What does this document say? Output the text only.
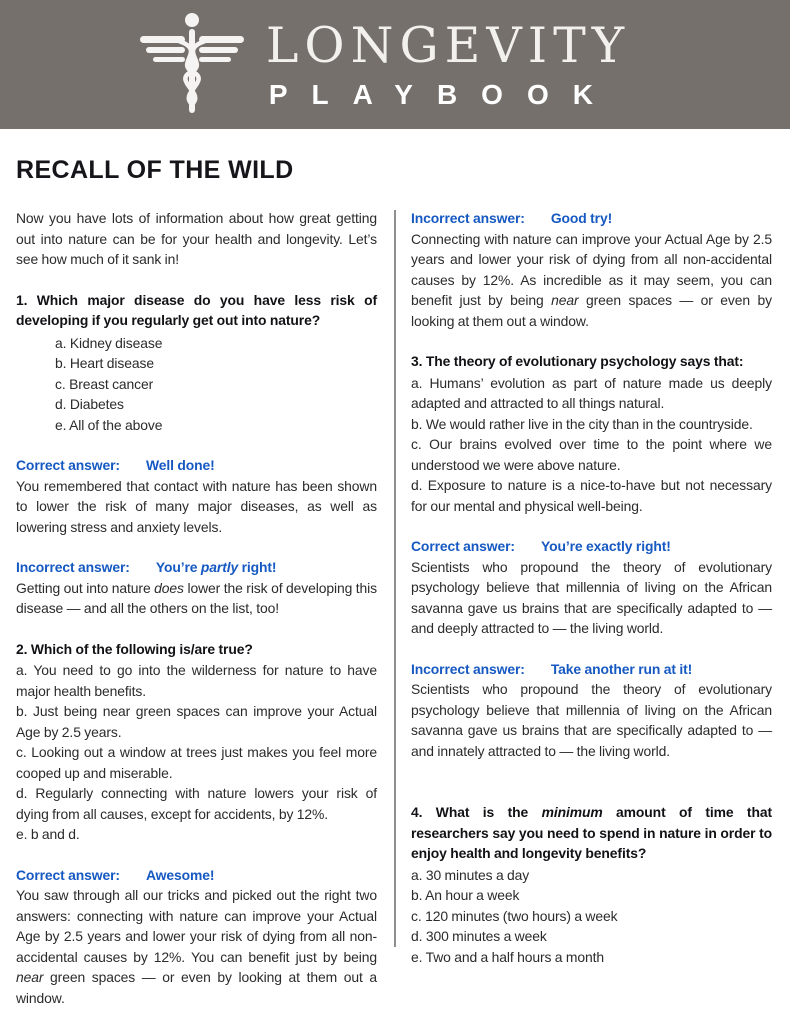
LONGEVITY
PLAYBOOK
RECALL OF THE WILD

Now you have lots of information about how great getting out into nature can be for your health and longevity. Let’s see how much of it sank in!

1. Which major disease do you have less risk of developing if you regularly get out into nature?

a. Kidney disease

b. Heart disease

c. Breast cancer

d. Diabetes

e. All of the above

Correct answer: Well done!

You remembered that contact with nature has been shown to lower the risk of many major diseases, as well as lowering stress and anxiety levels.

Incorrect answer: You’re partly right!

Getting out into nature does lower the risk of developing this disease — and all the others on the list, too!

2. Which of the following is/are true?

a. You need to go into the wilderness for nature to have major health benefits.

b. Just being near green spaces can improve your Actual Age by 2.5 years.

c. Looking out a window at trees just makes you feel more cooped up and miserable.

d. Regularly connecting with nature lowers your risk of dying from all causes, except for accidents, by 12%.

e. b and d.

Correct answer: Awesome!

You saw through all our tricks and picked out the right two answers: connecting with nature can improve your Actual Age by 2.5 years and lower your risk of dying from all non-accidental causes by 12%. You can benefit just by being near green spaces — or even by looking at them out a window.

Incorrect answer: Good try!

Connecting with nature can improve your Actual Age by 2.5 years and lower your risk of dying from all non-accidental causes by 12%. As incredible as it may seem, you can benefit just by being near green spaces — or even by looking at them out a window.

3. The theory of evolutionary psychology says that:

a. Humans’ evolution as part of nature made us deeply adapted and attracted to all things natural.

b. We would rather live in the city than in the countryside.

c. Our brains evolved over time to the point where we understood we were above nature.

d. Exposure to nature is a nice-to-have but not necessary for our mental and physical well-being.

Correct answer: You’re exactly right!

Scientists who propound the theory of evolutionary psychology believe that millennia of living on the African savanna gave us brains that are specifically adapted to — and deeply attracted to — the living world.

Incorrect answer: Take another run at it!

Scientists who propound the theory of evolutionary psychology believe that millennia of living on the African savanna gave us brains that are specifically adapted to — and innately attracted to — the living world.

4. What is the minimum amount of time that researchers say you need to spend in nature in order to enjoy health and longevity benefits?

a. 30 minutes a day

b. An hour a week

c. 120 minutes (two hours) a week

d. 300 minutes a week

e. Two and a half hours a month
